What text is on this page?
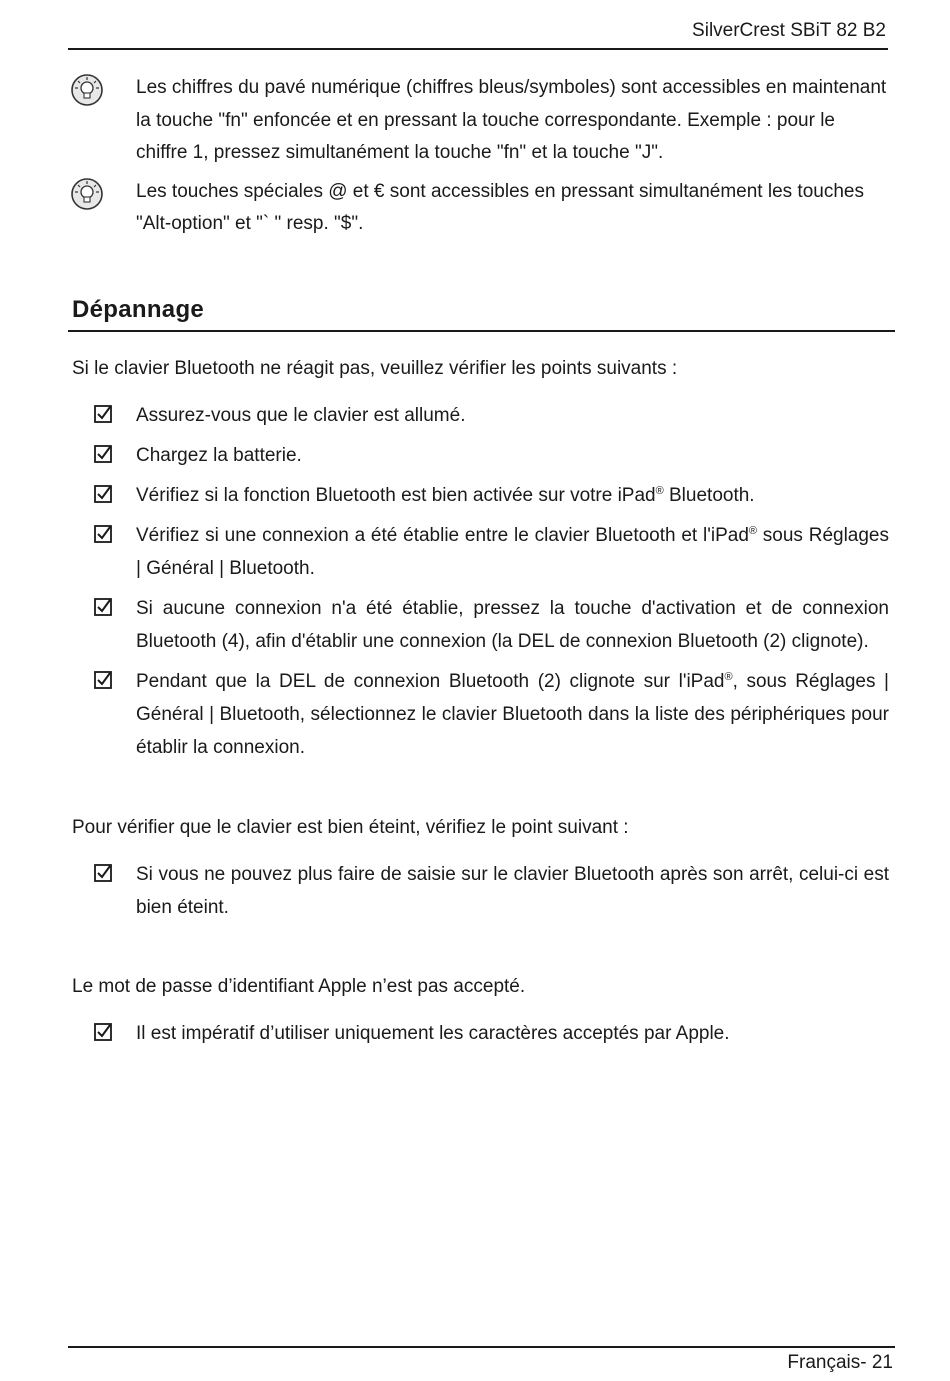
SilverCrest SBiT 82 B2
Les chiffres du pavé numérique (chiffres bleus/symboles) sont accessibles en maintenant la touche "fn" enfoncée et en pressant la touche correspondante. Exemple : pour le chiffre 1, pressez simultanément la touche "fn" et la touche "J".
Les touches spéciales @ et € sont accessibles en pressant simultanément les touches "Alt-option" et "` " resp. "$".
Dépannage
Si le clavier Bluetooth ne réagit pas, veuillez vérifier les points suivants :
Assurez-vous que le clavier est allumé.
Chargez la batterie.
Vérifiez si la fonction Bluetooth est bien activée sur votre iPad® Bluetooth.
Vérifiez si une connexion a été établie entre le clavier Bluetooth et l'iPad® sous Réglages | Général | Bluetooth.
Si aucune connexion n'a été établie, pressez la touche d'activation et de connexion Bluetooth (4), afin d'établir une connexion (la DEL de connexion Bluetooth (2) clignote).
Pendant que la DEL de connexion Bluetooth (2) clignote sur l'iPad®, sous Réglages | Général | Bluetooth, sélectionnez le clavier Bluetooth dans la liste des périphériques pour établir la connexion.
Pour vérifier que le clavier est bien éteint, vérifiez le point suivant :
Si vous ne pouvez plus faire de saisie sur le clavier Bluetooth après son arrêt, celui-ci est bien éteint.
Le mot de passe d’identifiant Apple n’est pas accepté.
Il est impératif d’utiliser uniquement les caractères acceptés par Apple.
Français- 21
